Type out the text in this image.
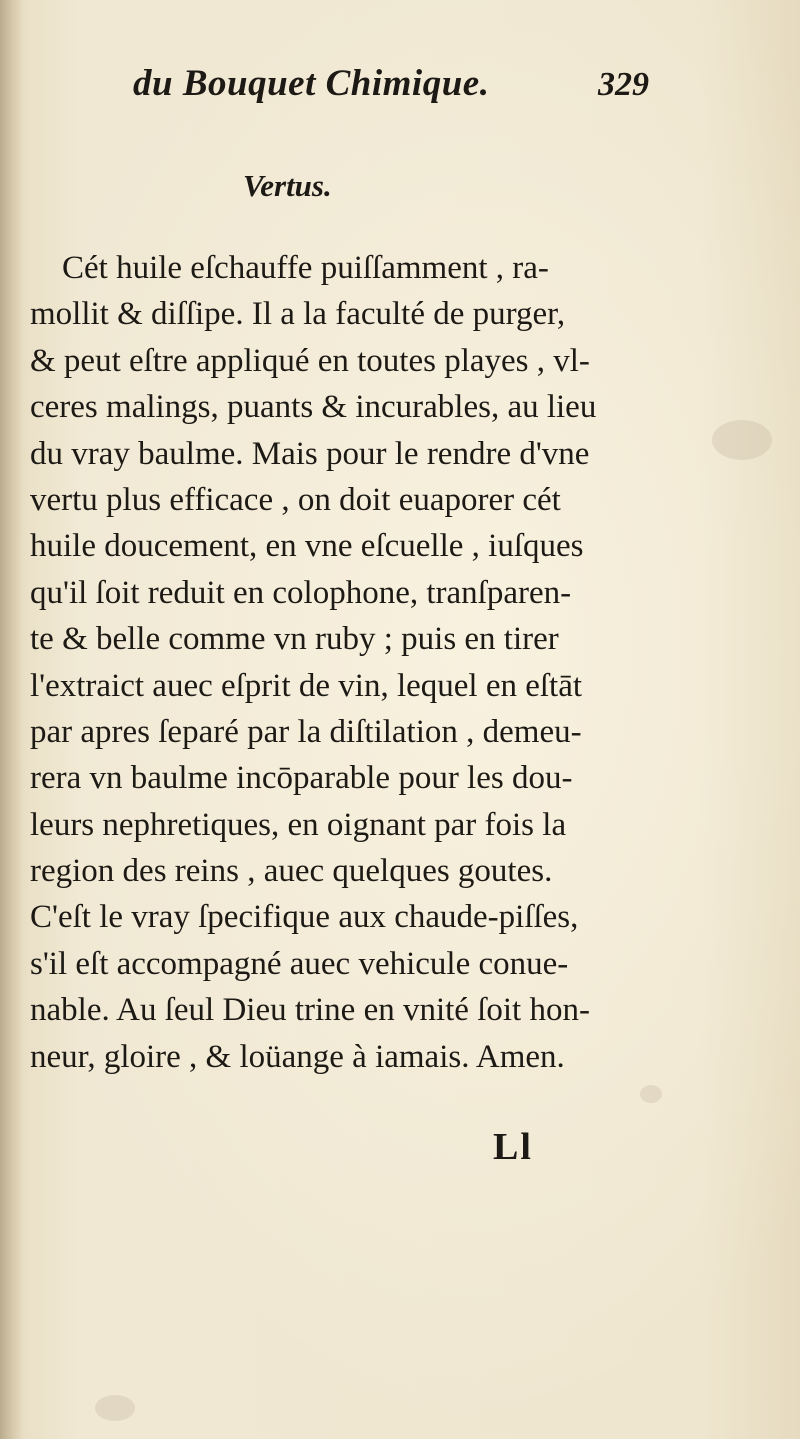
du Bouquet Chimique.	329
Vertus.
Cét huile eſchauffe puiſſamment , ra-
mollit & diſſipe. Il a la faculté de purger,
& peut eſtre appliqué en toutes playes , vl-
ceres malings, puants & incurables, au lieu
du vray baulme. Mais pour le rendre d'vne
vertu plus efficace , on doit euaporer cét
huile doucement, en vne eſcuelle , iuſques
qu'il ſoit reduit en colophone, tranſparen-
te & belle comme vn ruby ; puis en tirer
l'extraict auec eſprit de vin, lequel en eſtāt
par apres ſeparé par la diſtilation , demeu-
rera vn baulme incōparable pour les dou-
leurs nephretiques, en oignant par fois la
region des reins , auec quelques goutes.
C'eſt le vray ſpecifique aux chaude-piſſes,
s'il eſt accompagné auec vehicule conue-
nable. Au ſeul Dieu trine en vnité ſoit hon-
neur, gloire , & loüange à iamais. Amen.
Ll
